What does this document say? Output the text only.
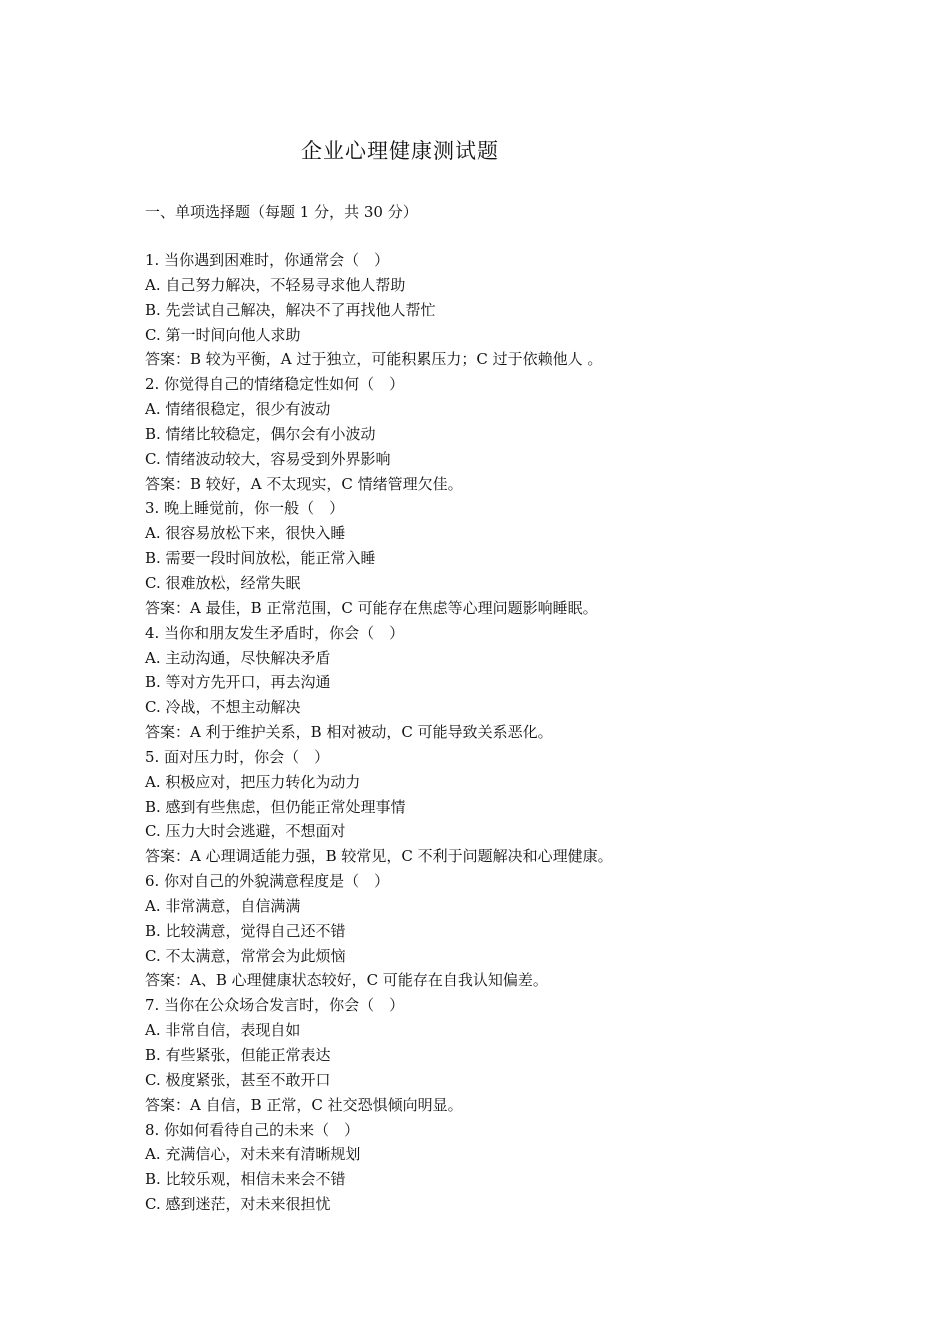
企业心理健康测试题
一、单项选择题（每题 1 分，共 30 分）
1. 当你遇到困难时，你通常会（　）
A. 自己努力解决，不轻易寻求他人帮助
B. 先尝试自己解决，解决不了再找他人帮忙
C. 第一时间向他人求助
答案：B 较为平衡，A 过于独立，可能积累压力；C 过于依赖他人 。
2. 你觉得自己的情绪稳定性如何（　）
A. 情绪很稳定，很少有波动
B. 情绪比较稳定，偶尔会有小波动
C. 情绪波动较大，容易受到外界影响
答案：B 较好，A 不太现实，C 情绪管理欠佳。
3. 晚上睡觉前，你一般（　）
A. 很容易放松下来，很快入睡
B. 需要一段时间放松，能正常入睡
C. 很难放松，经常失眠
答案：A 最佳，B 正常范围，C 可能存在焦虑等心理问题影响睡眠。
4. 当你和朋友发生矛盾时，你会（　）
A. 主动沟通，尽快解决矛盾
B. 等对方先开口，再去沟通
C. 冷战，不想主动解决
答案：A 利于维护关系，B 相对被动，C 可能导致关系恶化。
5. 面对压力时，你会（　）
A. 积极应对，把压力转化为动力
B. 感到有些焦虑，但仍能正常处理事情
C. 压力大时会逃避，不想面对
答案：A 心理调适能力强，B 较常见，C 不利于问题解决和心理健康。
6. 你对自己的外貌满意程度是（　）
A. 非常满意，自信满满
B. 比较满意，觉得自己还不错
C. 不太满意，常常会为此烦恼
答案：A、B 心理健康状态较好，C 可能存在自我认知偏差。
7. 当你在公众场合发言时，你会（　）
A. 非常自信，表现自如
B. 有些紧张，但能正常表达
C. 极度紧张，甚至不敢开口
答案：A 自信，B 正常，C 社交恐惧倾向明显。
8. 你如何看待自己的未来（　）
A. 充满信心，对未来有清晰规划
B. 比较乐观，相信未来会不错
C. 感到迷茫，对未来很担忧
